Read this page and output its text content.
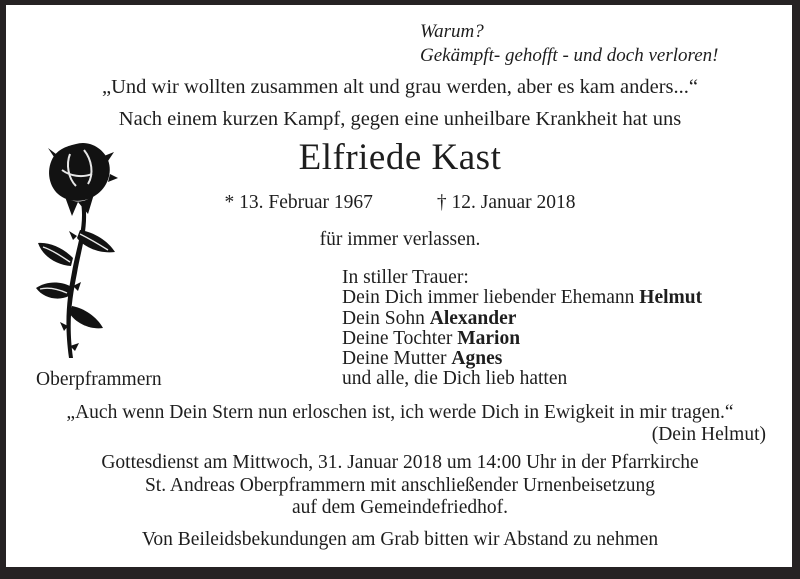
Warum?
Gekämpft- gehofft - und doch verloren!
„Und wir wollten zusammen alt und grau werden, aber es kam anders...“
Nach einem kurzen Kampf, gegen eine unheilbare Krankheit hat uns
Elfriede Kast
* 13. Februar 1967	† 12. Januar 2018
für immer verlassen.
In stiller Trauer:
Dein Dich immer liebender Ehemann Helmut
Dein Sohn Alexander
Deine Tochter Marion
Deine Mutter Agnes
und alle, die Dich lieb hatten
Oberpframmern
„Auch wenn Dein Stern nun erloschen ist, ich werde Dich in Ewigkeit in mir tragen.“
(Dein Helmut)
Gottesdienst am Mittwoch, 31. Januar 2018 um 14:00 Uhr in der Pfarrkirche
St. Andreas Oberpframmern mit anschließender Urnenbeisetzung
auf dem Gemeindefriedhof.
Von Beileidsbekundungen am Grab bitten wir Abstand zu nehmen
